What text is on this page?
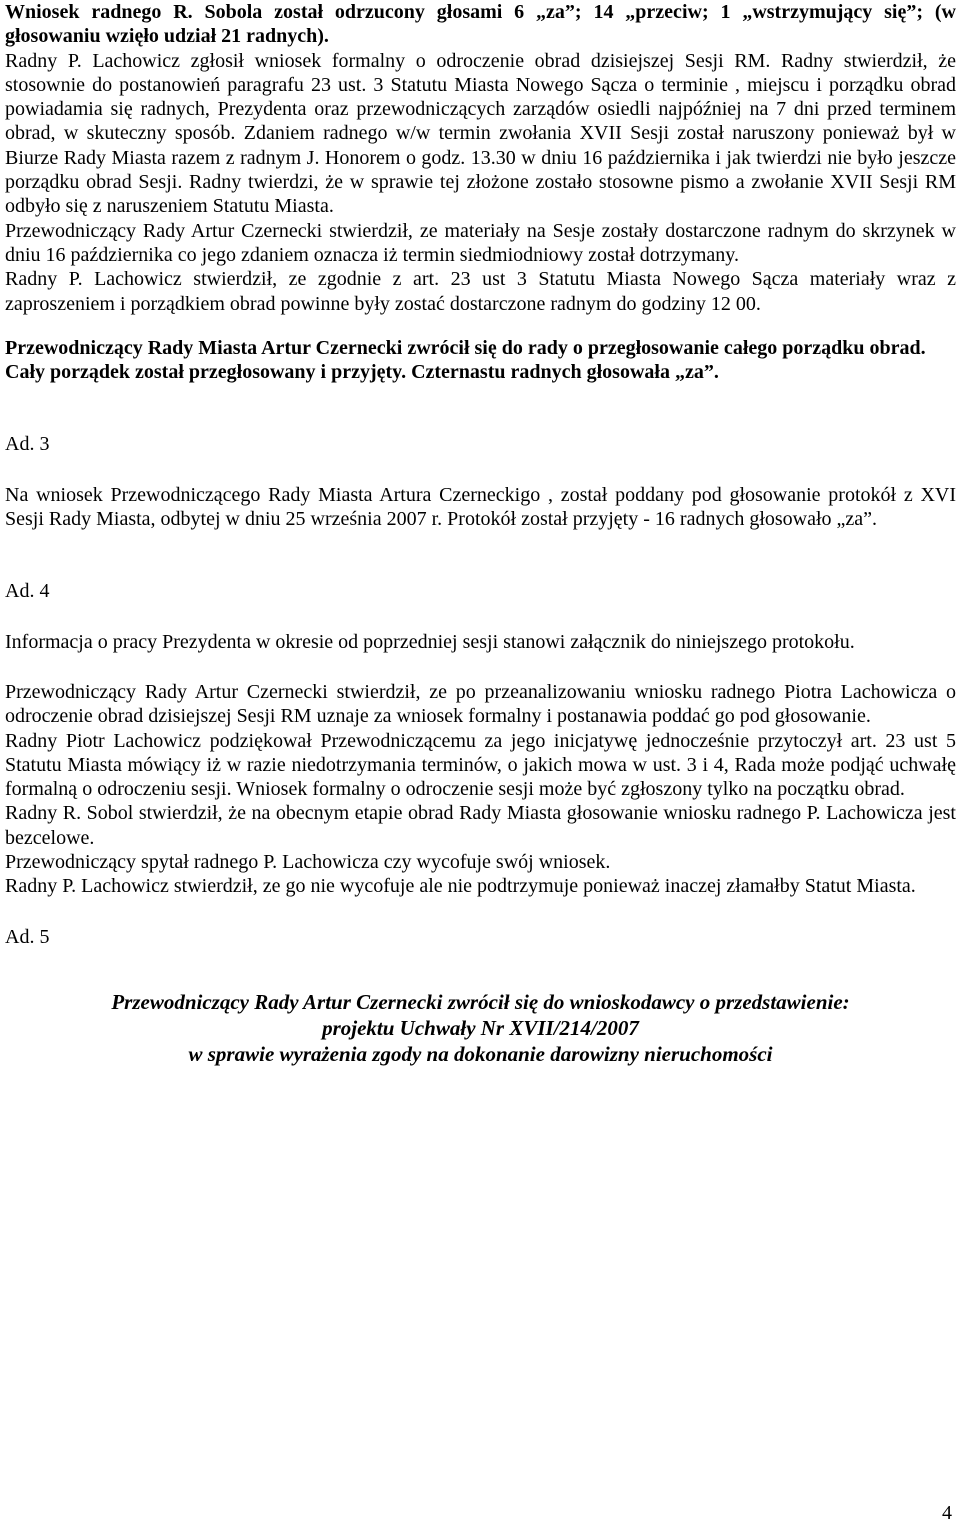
Wniosek radnego R. Sobola został odrzucony głosami 6 „za”; 14 „przeciw; 1 „wstrzymujący się”; (w głosowaniu wzięło udział 21 radnych).

Radny P. Lachowicz zgłosił wniosek formalny o odroczenie obrad dzisiejszej Sesji RM. Radny stwierdził, że stosownie do postanowień paragrafu 23 ust. 3 Statutu Miasta Nowego Sącza o terminie , miejscu i porządku obrad powiadamia się radnych, Prezydenta oraz przewodniczących zarządów osiedli najpóźniej na 7 dni przed terminem obrad, w skuteczny sposób. Zdaniem radnego w/w termin zwołania XVII Sesji został naruszony ponieważ był w Biurze Rady Miasta razem z radnym J. Honorem o godz. 13.30 w dniu 16 października i jak twierdzi nie było jeszcze porządku obrad Sesji. Radny twierdzi, że w sprawie tej złożone zostało stosowne pismo a zwołanie XVII Sesji RM odbyło się z naruszeniem Statutu Miasta.

Przewodniczący Rady Artur Czernecki stwierdził, ze materiały na Sesje zostały dostarczone radnym do skrzynek w dniu 16 października co jego zdaniem oznacza iż termin siedmiodniowy został dotrzymany.

Radny P. Lachowicz stwierdził, ze zgodnie z art. 23 ust 3 Statutu Miasta Nowego Sącza materiały wraz z zaproszeniem i porządkiem obrad powinne były zostać dostarczone radnym do godziny 12 00.

Przewodniczący Rady Miasta Artur Czernecki zwrócił się do rady o przegłosowanie całego porządku obrad.

Cały porządek został przegłosowany i przyjęty. Czternastu radnych głosowała „za”.

Ad. 3

Na wniosek Przewodniczącego Rady Miasta Artura Czerneckigo , został poddany pod głosowanie protokół z XVI Sesji Rady Miasta, odbytej w dniu 25 września 2007 r. Protokół został przyjęty - 16 radnych głosowało „za”.

Ad. 4

Informacja o pracy Prezydenta w okresie od poprzedniej sesji stanowi załącznik do niniejszego protokołu.

Przewodniczący Rady Artur Czernecki stwierdził, ze po przeanalizowaniu wniosku radnego Piotra Lachowicza o odroczenie obrad dzisiejszej Sesji RM uznaje za wniosek formalny i postanawia poddać go pod głosowanie.

Radny Piotr Lachowicz podziękował Przewodniczącemu za jego inicjatywę jednocześnie przytoczył art. 23 ust 5 Statutu Miasta mówiący iż w razie niedotrzymania terminów, o jakich mowa w ust. 3 i 4, Rada może podjąć uchwałę formalną o odroczeniu sesji. Wniosek formalny o odroczenie sesji może być zgłoszony tylko na początku obrad.

Radny R. Sobol stwierdził, że na obecnym etapie obrad Rady Miasta głosowanie wniosku radnego P. Lachowicza jest bezcelowe.

Przewodniczący spytał radnego P. Lachowicza czy wycofuje swój wniosek.

Radny P. Lachowicz stwierdził, ze go nie wycofuje ale nie podtrzymuje ponieważ inaczej złamałby Statut Miasta.

Ad. 5

Przewodniczący Rady Artur Czernecki zwrócił się do wnioskodawcy o przedstawienie:
projektu Uchwały Nr XVII/214/2007
w sprawie wyrażenia zgody na dokonanie darowizny nieruchomości
4
